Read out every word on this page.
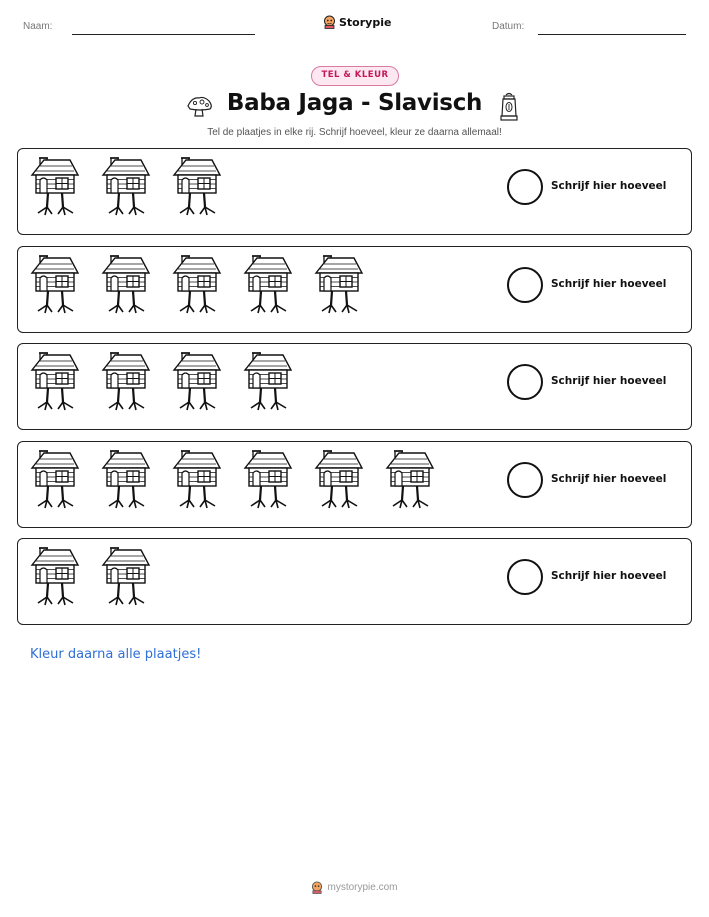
Naam:	Storypie	Datum:
TEL & KLEUR
Baba Jaga - Slavisch
Tel de plaatjes in elke rij. Schrijf hoeveel, kleur ze daarna allemaal!
Schrijf hier hoeveel
Schrijf hier hoeveel
Schrijf hier hoeveel
Schrijf hier hoeveel
Schrijf hier hoeveel
Kleur daarna alle plaatjes!
mystorypie.com
